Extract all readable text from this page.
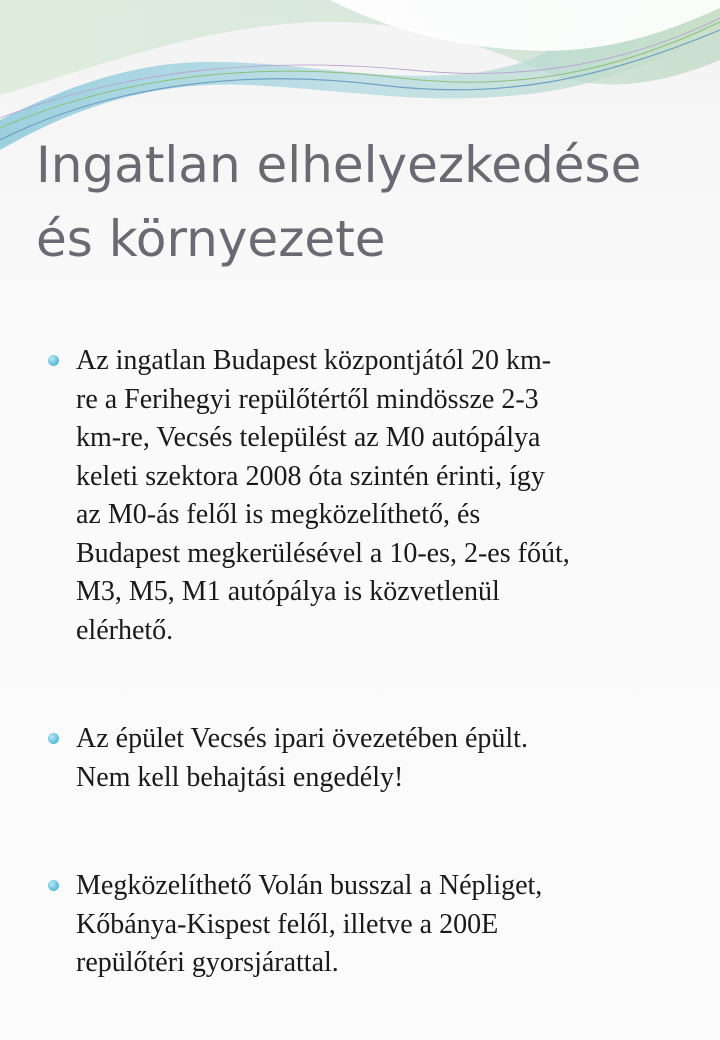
Ingatlan elhelyezkedése
és környezete
Az ingatlan Budapest központjától 20 km-
re a Ferihegyi repülőtértől mindössze 2-3
km-re, Vecsés települést az M0 autópálya
keleti szektora 2008 óta szintén érinti, így
az M0-ás felől is megközelíthető, és
Budapest megkerülésével a 10-es, 2-es főút,
M3, M5, M1 autópálya is közvetlenül
elérhető.
Az épület Vecsés ipari övezetében épült.
Nem kell behajtási engedély!
Megközelíthető Volán busszal a Népliget,
Kőbánya-Kispest felől, illetve a 200E
repülőtéri gyorsjárattal.
